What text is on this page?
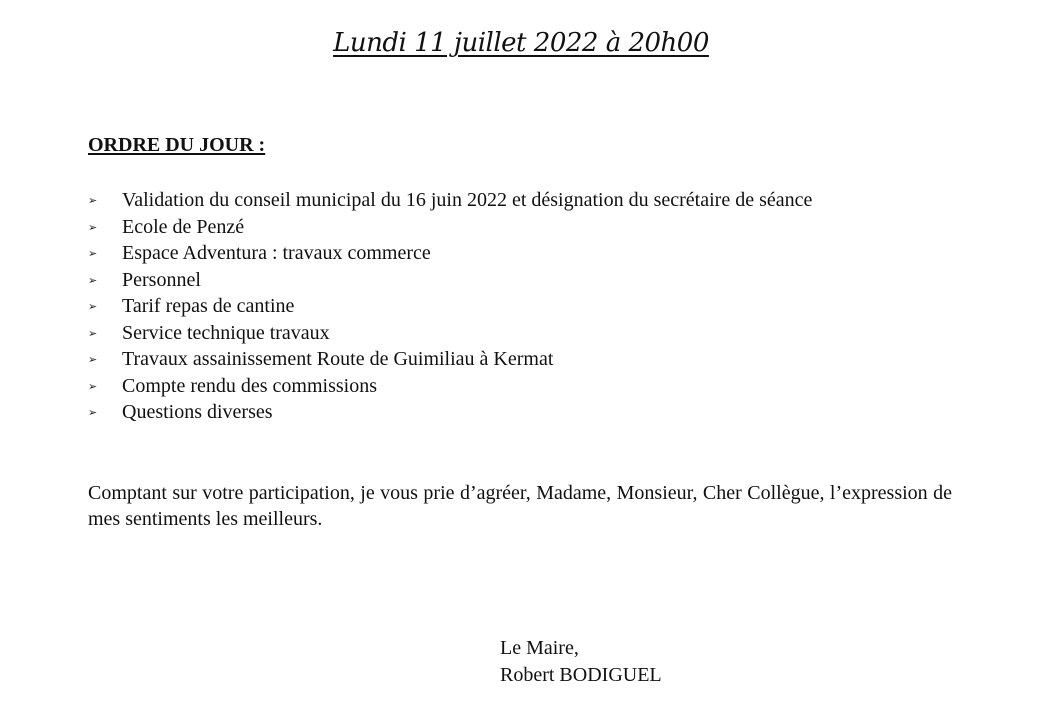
Lundi 11 juillet 2022 à 20h00
ORDRE DU JOUR :
➢ Validation du conseil municipal du 16 juin 2022 et désignation du secrétaire de séance
➢ Ecole de Penzé
➢ Espace Adventura : travaux commerce
➢ Personnel
➢ Tarif repas de cantine
➢ Service technique travaux
➢ Travaux assainissement Route de Guimiliau à Kermat
➢ Compte rendu des commissions
➢ Questions diverses

Comptant sur votre participation, je vous prie d’agréer, Madame, Monsieur, Cher Collègue, l’expression de mes sentiments les meilleurs.

Le Maire,
Robert BODIGUEL
